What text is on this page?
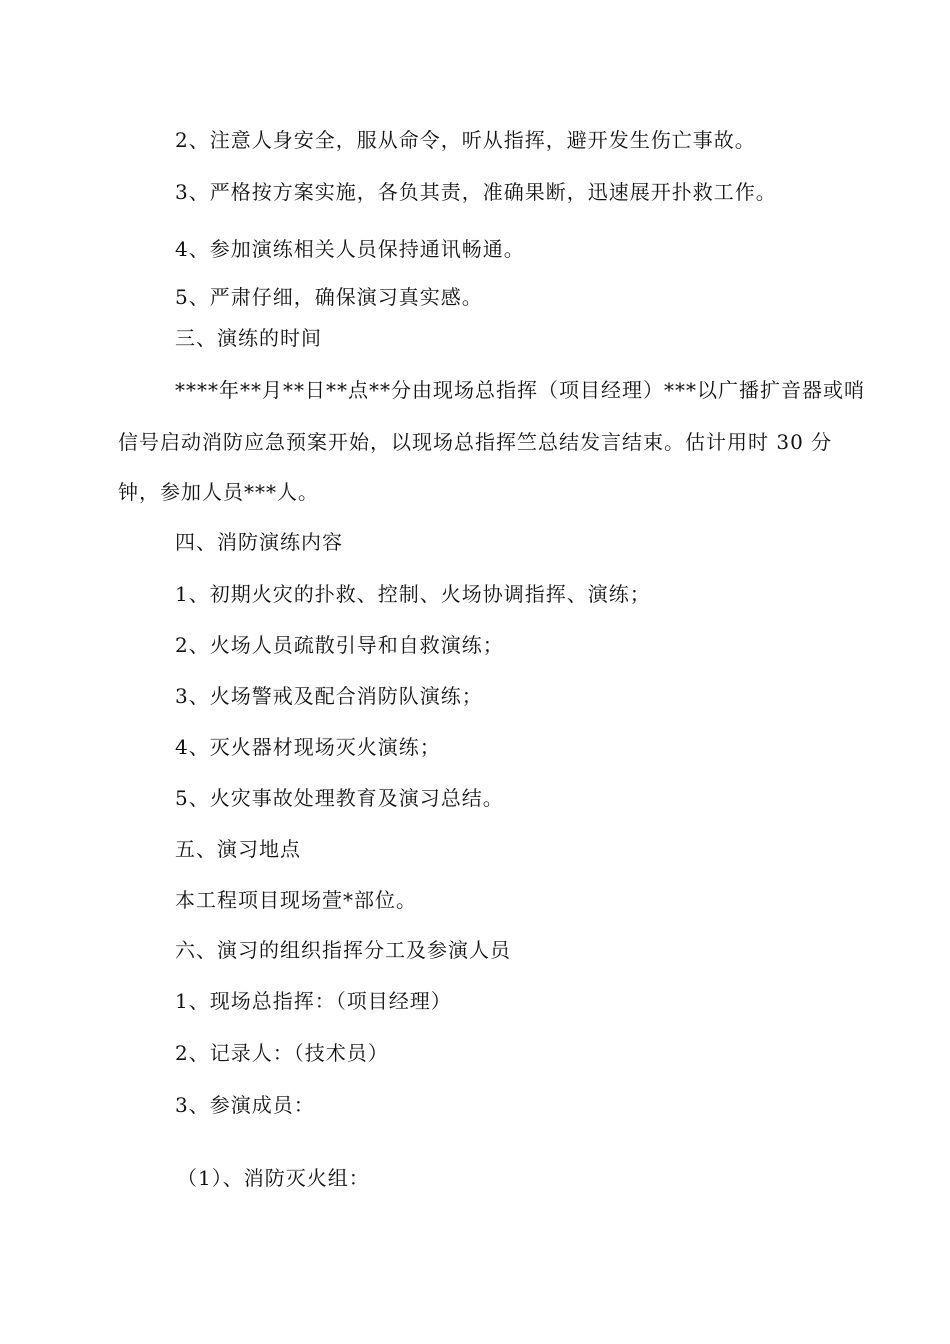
2、注意人身安全，服从命令，听从指挥，避开发生伤亡事故。
3、严格按方案实施，各负其责，准确果断，迅速展开扑救工作。
4、参加演练相关人员保持通讯畅通。
5、严肃仔细，确保演习真实感。
三、演练的时间
****年**月**日**点**分由现场总指挥（项目经理）***以广播扩音器或哨
信号启动消防应急预案开始，以现场总指挥竺总结发言结束。估计用时 30 分
钟，参加人员***人。
四、消防演练内容
1、初期火灾的扑救、控制、火场协调指挥、演练；
2、火场人员疏散引导和自救演练；
3、火场警戒及配合消防队演练；
4、灭火器材现场灭火演练；
5、火灾事故处理教育及演习总结。
五、演习地点
本工程项目现场萱*部位。
六、演习的组织指挥分工及参演人员
1、现场总指挥：（项目经理）
2、记录人：（技术员）
3、参演成员：
（1）、消防灭火组：
